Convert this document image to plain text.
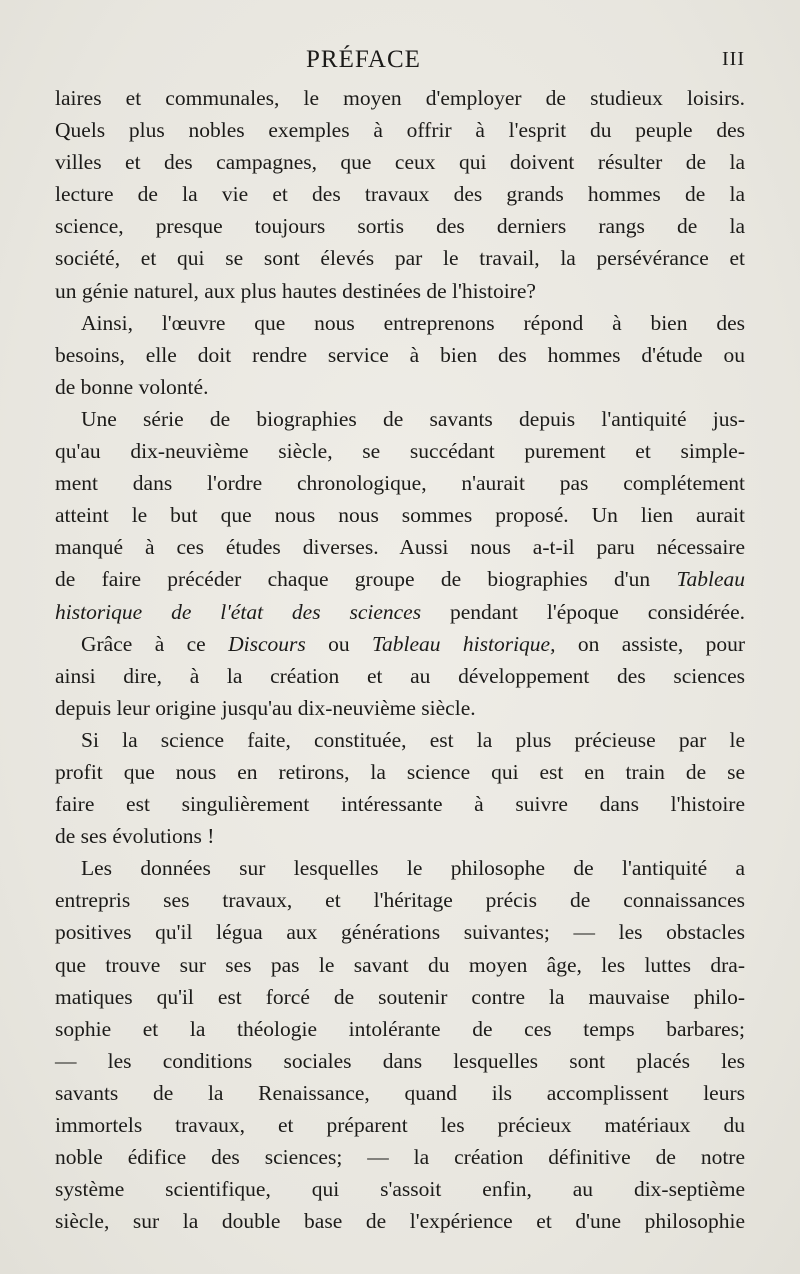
PRÉFACE	III
laires et communales, le moyen d'employer de studieux loisirs.
Quels plus nobles exemples à offrir à l'esprit du peuple des
villes et des campagnes, que ceux qui doivent résulter de la
lecture de la vie et des travaux des grands hommes de la
science, presque toujours sortis des derniers rangs de la
société, et qui se sont élevés par le travail, la persévérance et
un génie naturel, aux plus hautes destinées de l'histoire?
Ainsi, l'œuvre que nous entreprenons répond à bien des
besoins, elle doit rendre service à bien des hommes d'étude ou
de bonne volonté.
Une série de biographies de savants depuis l'antiquité jus-
qu'au dix-neuvième siècle, se succédant purement et simple-
ment dans l'ordre chronologique, n'aurait pas complétement
atteint le but que nous nous sommes proposé. Un lien aurait
manqué à ces études diverses. Aussi nous a-t-il paru nécessaire
de faire précéder chaque groupe de biographies d'un Tableau
historique de l'état des sciences pendant l'époque considérée.
Grâce à ce Discours ou Tableau historique, on assiste, pour
ainsi dire, à la création et au développement des sciences
depuis leur origine jusqu'au dix-neuvième siècle.
Si la science faite, constituée, est la plus précieuse par le
profit que nous en retirons, la science qui est en train de se
faire est singulièrement intéressante à suivre dans l'histoire
de ses évolutions !
Les données sur lesquelles le philosophe de l'antiquité a
entrepris ses travaux, et l'héritage précis de connaissances
positives qu'il légua aux générations suivantes; — les obstacles
que trouve sur ses pas le savant du moyen âge, les luttes dra-
matiques qu'il est forcé de soutenir contre la mauvaise philo-
sophie et la théologie intolérante de ces temps barbares;
— les conditions sociales dans lesquelles sont placés les
savants de la Renaissance, quand ils accomplissent leurs
immortels travaux, et préparent les précieux matériaux du
noble édifice des sciences; — la création définitive de notre
système scientifique, qui s'assoit enfin, au dix-septième
siècle, sur la double base de l'expérience et d'une philosophie
